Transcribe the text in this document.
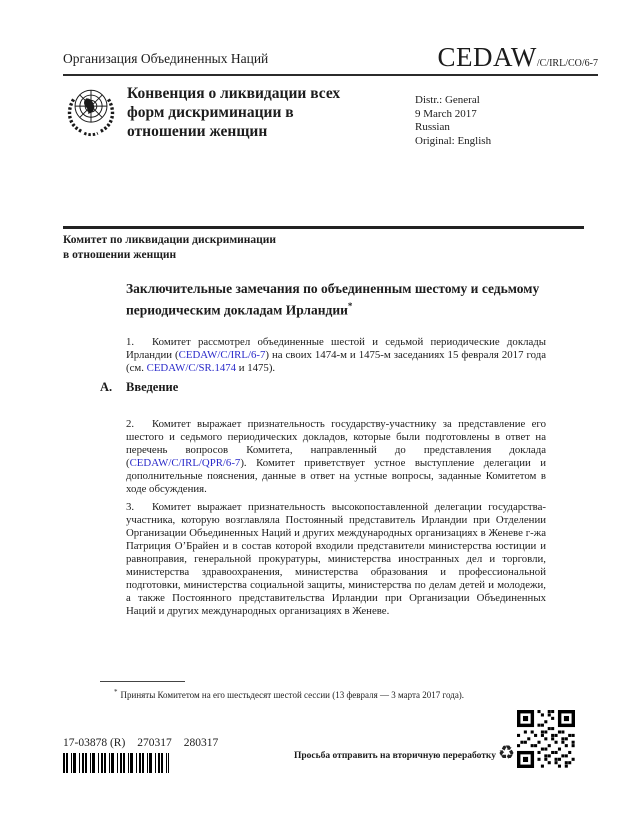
Организация Объединенных Наций	CEDAW /C/IRL/CO/6-7
Конвенция о ликвидации всех форм дискриминации в отношении женщин
Distr.: General
9 March 2017
Russian
Original: English
Комитет по ликвидации дискриминации
в отношении женщин
Заключительные замечания по объединенным шестому и седьмому периодическим докладам Ирландии*

1. Комитет рассмотрел объединенные шестой и седьмой периодические доклады Ирландии (CEDAW/C/IRL/6-7) на своих 1474-м и 1475-м заседаниях 15 февраля 2017 года (см. CEDAW/C/SR.1474 и 1475).

A. Введение

2. Комитет выражает признательность государству-участнику за представление его шестого и седьмого периодических докладов, которые были подготовлены в ответ на перечень вопросов Комитета, направленный до представления доклада (CEDAW/C/IRL/QPR/6-7). Комитет приветствует устное выступление делегации и дополнительные пояснения, данные в ответ на устные вопросы, заданные Комитетом в ходе обсуждения.

3. Комитет выражает признательность высокопоставленной делегации государства-участника, которую возглавляла Постоянный представитель Ирландии при Отделении Организации Объединенных Наций и других международных организациях в Женеве г-жа Патриция О’Брайен и в состав которой входили представители министерства юстиции и равноправия, генеральной прокуратуры, министерства иностранных дел и торговли, министерства здравоохранения, министерства образования и профессиональной подготовки, министерства социальной защиты, министерства по делам детей и молодежи, а также Постоянного представительства Ирландии при Организации Объединенных Наций и других международных организациях в Женеве.

* Приняты Комитетом на его шестьдесят шестой сессии (13 февраля — 3 марта 2017 года).
17-03878 (R) 270317 280317
Просьба отправить на вторичную переработку ♻
